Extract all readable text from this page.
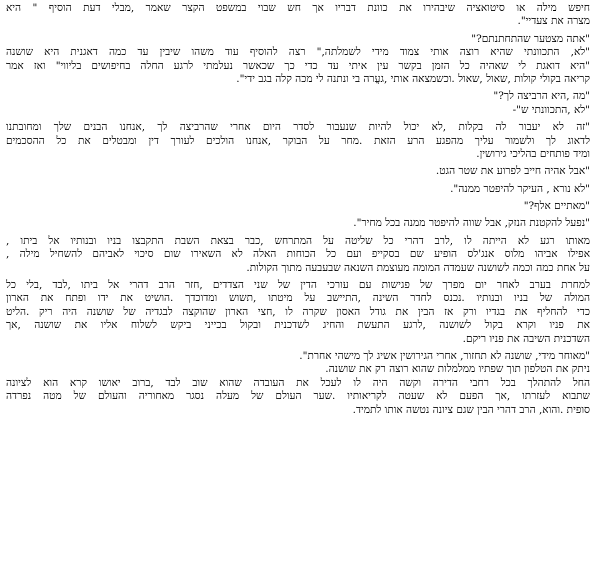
חיפש מילה או סיטואציה שיבהירו את כוונת דבריו אך חש שבוי במשפט הקצר שאמר ,מבלי דעת הוסיף " היא
מצרה את צעדיי".
"אתה מצטער שהתחתנתם?"
"לא, התכוונתי שהיא רוצה אותי צמוד מידי לשמלתה," רצה להוסיף עוד משהו שיבין עד כמה דאגנית היא שושנה
"היא דואגת לי שאהיה כל הזמן בקשר עין איתי עד כדי כך שכאשר נעלמתי לרגע החלה בחיפושים בליווי" ואז אמר
קריאה בקולי קולות ,שאול ,שאול .וכשמצאה אותי ,געֲרה בי ונתנה לי מכה קלה בגב ידי".
"מה ,היא הרביצה לך?"
"לא ,התכוונתי ש"-
"זה לא יעבור לה בקלות ,לא יכול להיות שנעבור לסדר היום אחרי שהרביצה לך ,אנחנו הבנים שלך ומחובתנו
לדאוג לך ולשמור עליך מהפגע הרע הזאת .מחר על הבוקר ,אנחנו הולכים לעורך דין ומבטלים את כל ההסכמים
ומיד פותחים בהליכי גירושין.
"אבל אהיה חייב לפרוע את שטר הגט.
"לא נורא , העיקר להיפטר ממנה".
"מאתיים אלף?"
"נפעל להקטנת הנזק, אבל שווה להיפטר ממנה בכל מחיר".
מאותו רגע לא הייתה לו ,לרב דהרי כל שליטה על המתרחש ,כבר בצאת השבת התקבצו בניו ובנותיו אל ביתו ,
אפילו אביהו מלוס אנג'לס הופיע שם בסקייפ ועם כל הכוחות האלה לא השאירו שום סיכוי לאביהם להשחיל מילה ,
על אחת כמה וכמה לשושנה שעמדה המומה מעוצמת השנאה שבעבעה מתוך הקולות.
למחרת בערב לאחר יום מפרך של פגישות עם עורכי הדין של שני הצדדים ,חזר הרב דהרי אל ביתו ,לבד ,בלי כל
המולה של בניו ובנותיו .נכנס לחדר השינה ,התיישב על מיטתו ,תשוש ומדוכדך .הושיט את ידו ופתח את הארון
כדי להחליף את בגדיו ורק אז הבין את גודל האסון שקרה לו ,חצי הארון שהוקצה לבגדיה של שושנה היה ריק .הליט
את פניו וקרא בקול לשושנה ,לרגע התעשת והחיג לשדכנית ובקול בכייני ביקש לשלוח אליו את שושנה ,אך
השדכנית השיבה את פניו ריקם.
"מאוחר מידי, שושנה לא תחזור, אחרי הגירושין אשיג לך מישהי אחרת".
ניתק את הטלפון תוך שפתיו ממלמלות שהוא רוצה רק את שושנה.
החל להתהלך בכל רחבי הדירה וקשה היה לו לעכל את העובדה שהוא שוב לבד ,ברוב יאושו קרא הוא לציונה
שתבוא לעזרתו ,אך הפעם לא שעטה לקריאותיו .שער העולם של מעלה נסגר מאחוריה והעולם של מטה נפרדה
סופית .והוא, הרב דהרי הבין שגם ציונה נטשה אותו לתמיד.
